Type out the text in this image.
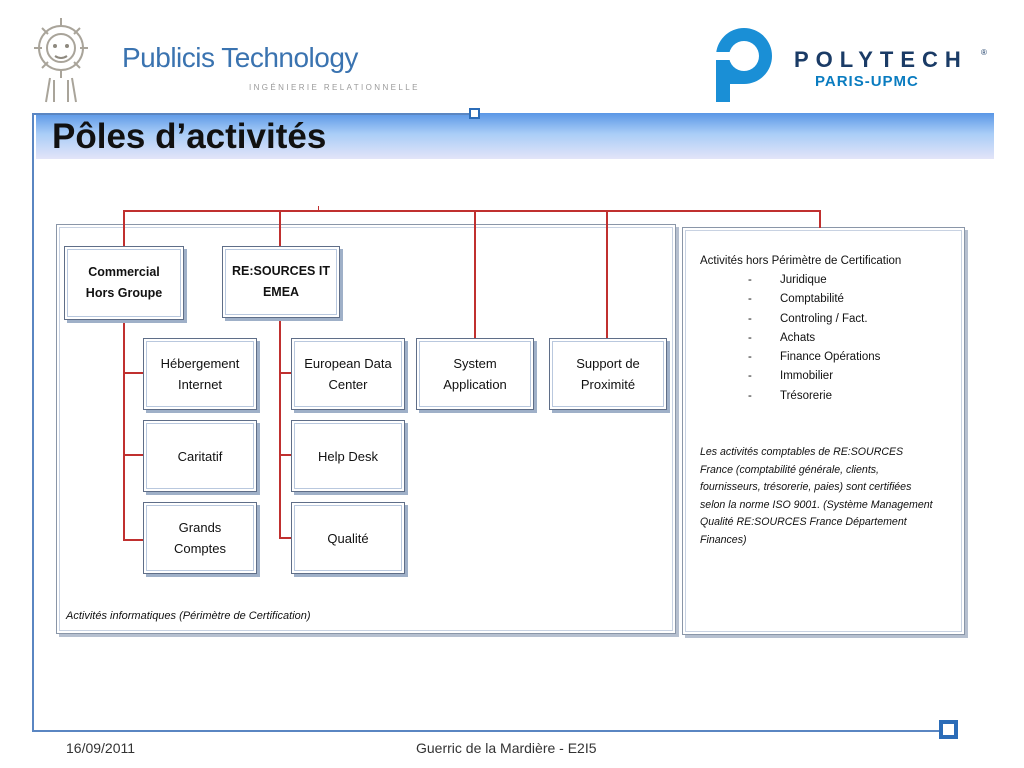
Publicis Technology
INGÉNIERIE RELATIONNELLE
POLYTECH ®
PARIS-UPMC
Pôles d’activités
Commercial
Hors Groupe
RE:SOURCES IT
EMEA
Hébergement
Internet
Caritatif
Grands
Comptes
European Data
Center
Help Desk
Qualité
System
Application
Support de
Proximité
Activités informatiques (Périmètre de Certification)
Activités hors Périmètre de Certification
-	Juridique
-	Comptabilité
-	Controling / Fact.
-	Achats
-	Finance Opérations
-	Immobilier
-	Trésorerie
Les activités comptables de RE:SOURCES France (comptabilité générale, clients, fournisseurs, trésorerie, paies) sont certifiées selon la norme ISO 9001. (Système Management Qualité RE:SOURCES France Département Finances)
16/09/2011	Guerric de la Mardière - E2I5
